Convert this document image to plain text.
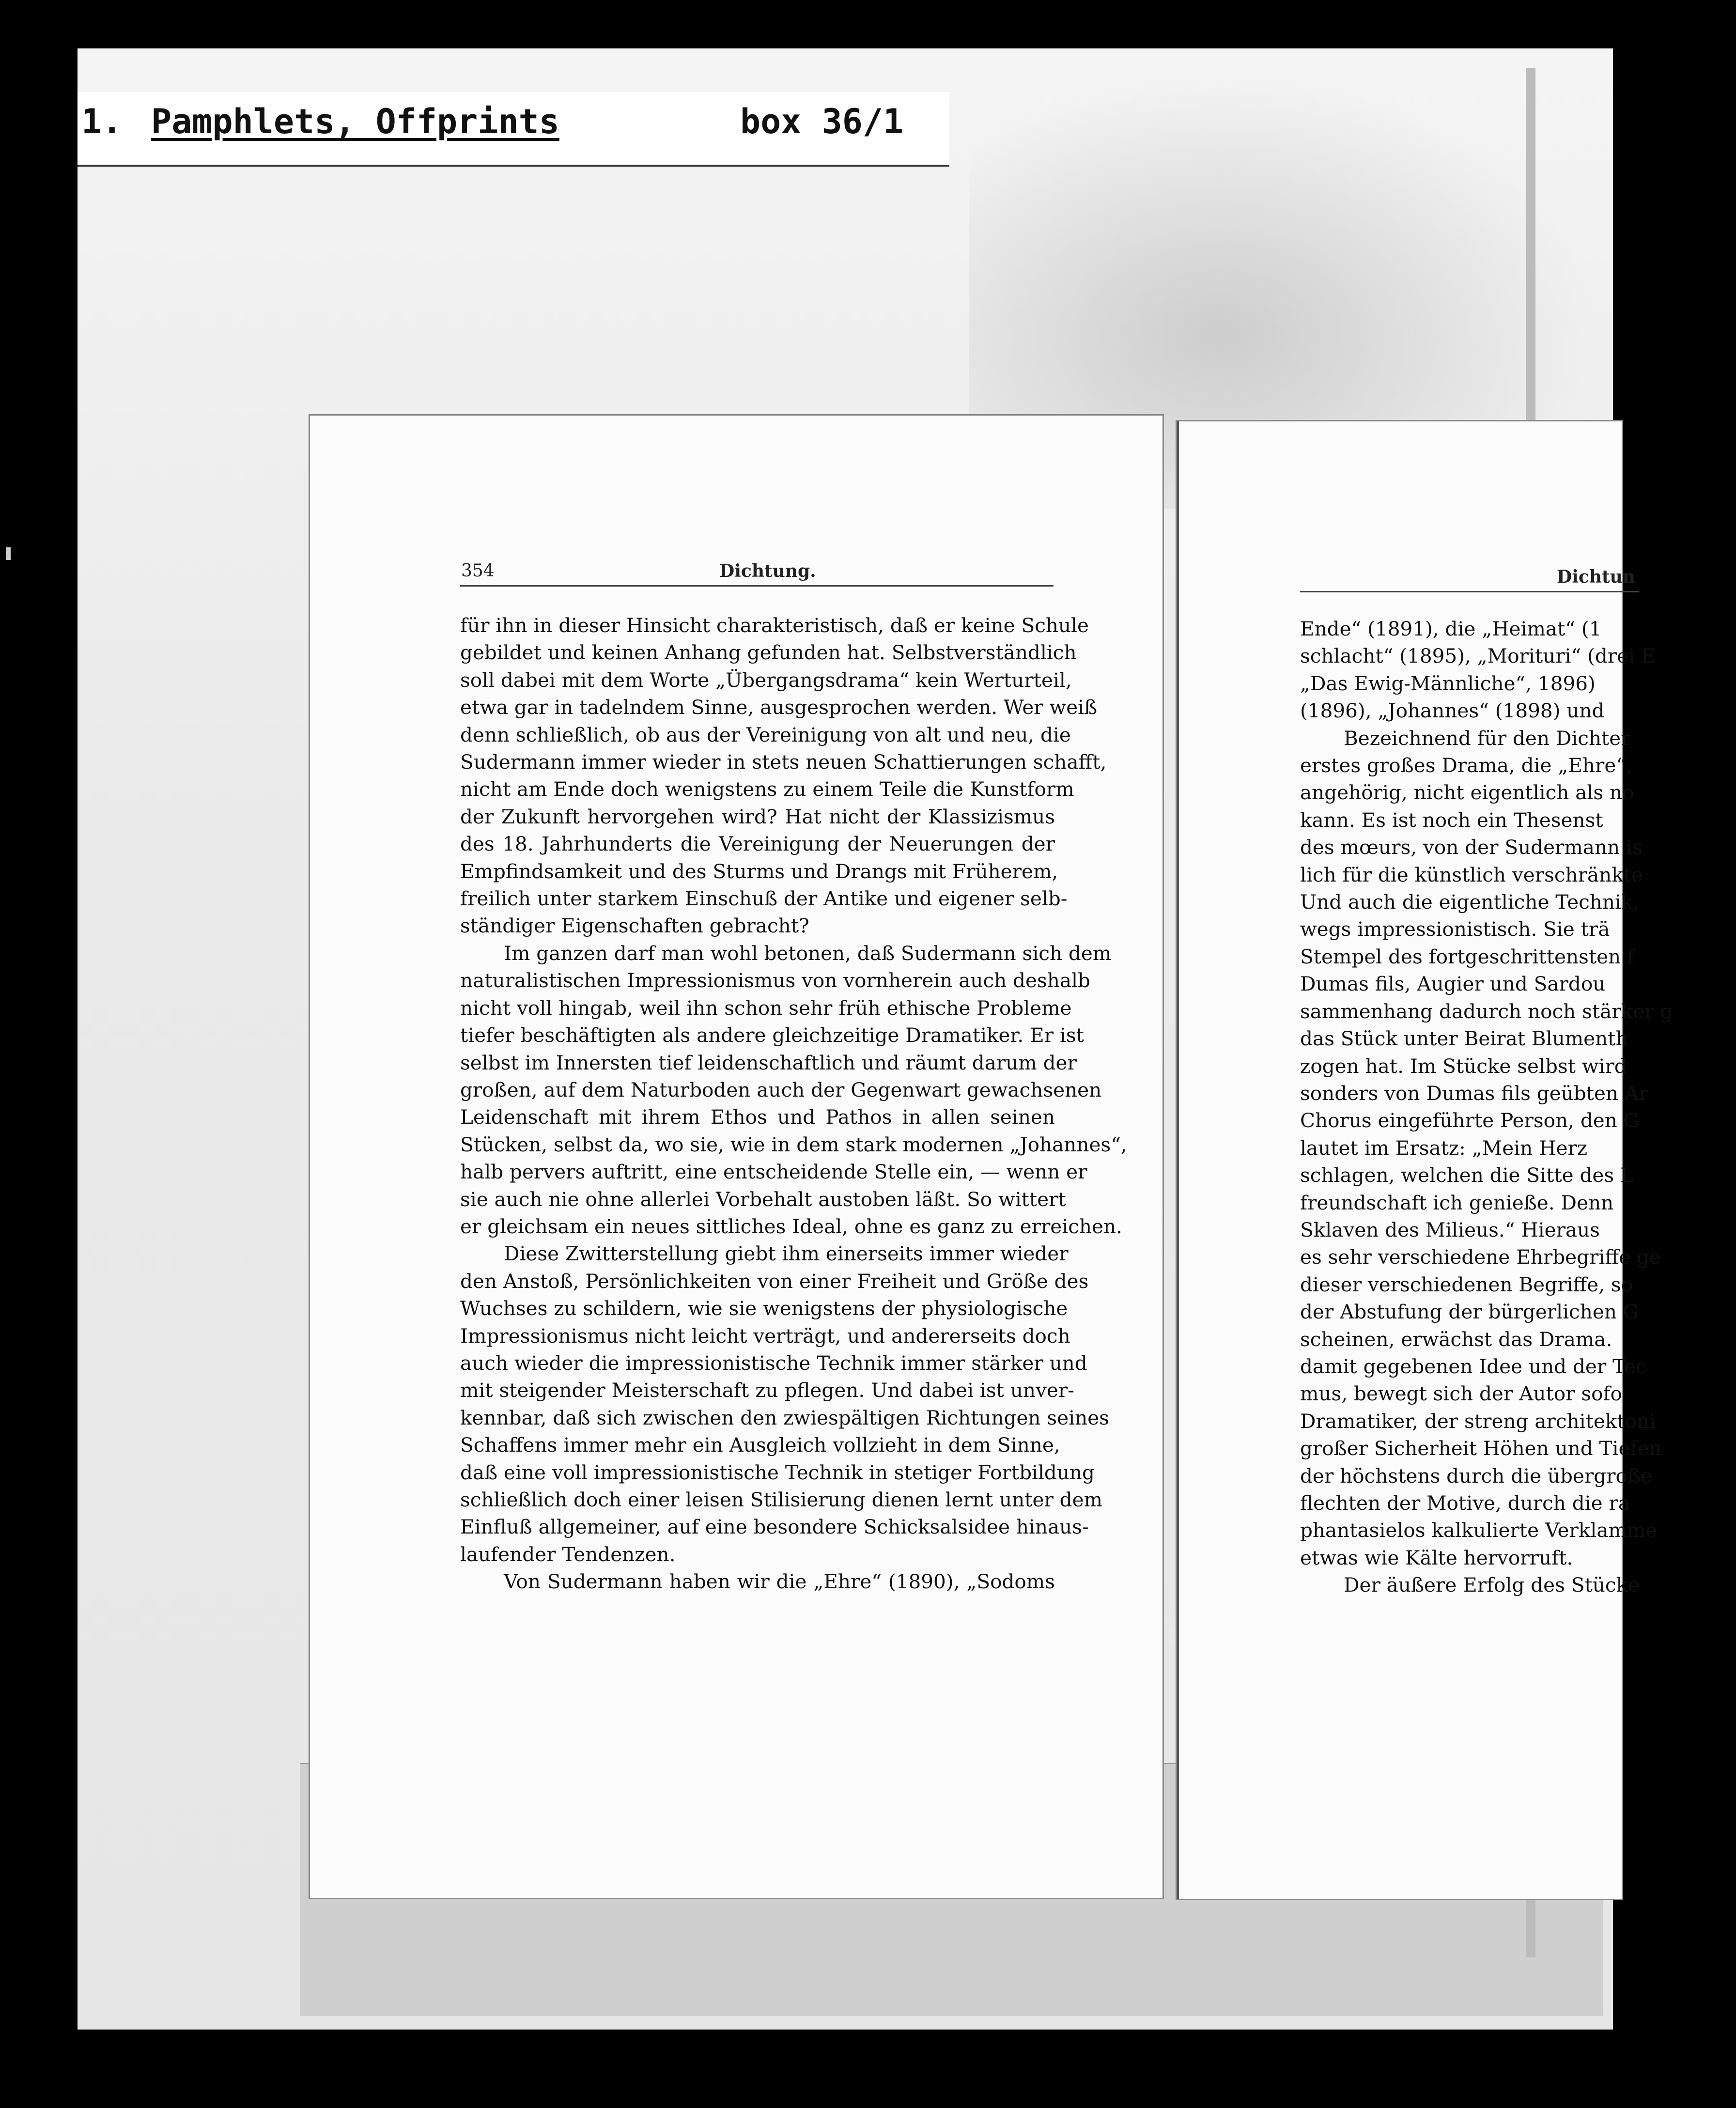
1. Pamphlets, Offprints	box 36/1
354	Dichtung.
für ihn in dieser Hinsicht charakteristisch, daß er keine Schule
gebildet und keinen Anhang gefunden hat. Selbstverständlich
soll dabei mit dem Worte „Übergangsdrama“ kein Werturteil,
etwa gar in tadelndem Sinne, ausgesprochen werden. Wer weiß
denn schließlich, ob aus der Vereinigung von alt und neu, die
Sudermann immer wieder in stets neuen Schattierungen schafft,
nicht am Ende doch wenigstens zu einem Teile die Kunstform
der Zukunft hervorgehen wird? Hat nicht der Klassizismus
des 18. Jahrhunderts die Vereinigung der Neuerungen der
Empfindsamkeit und des Sturms und Drangs mit Früherem,
freilich unter starkem Einschuß der Antike und eigener selb-
ständiger Eigenschaften gebracht?
Im ganzen darf man wohl betonen, daß Sudermann sich dem
naturalistischen Impressionismus von vornherein auch deshalb
nicht voll hingab, weil ihn schon sehr früh ethische Probleme
tiefer beschäftigten als andere gleichzeitige Dramatiker. Er ist
selbst im Innersten tief leidenschaftlich und räumt darum der
großen, auf dem Naturboden auch der Gegenwart gewachsenen
Leidenschaft mit ihrem Ethos und Pathos in allen seinen
Stücken, selbst da, wo sie, wie in dem stark modernen „Johannes“,
halb pervers auftritt, eine entscheidende Stelle ein, — wenn er
sie auch nie ohne allerlei Vorbehalt austoben läßt. So wittert
er gleichsam ein neues sittliches Ideal, ohne es ganz zu erreichen.
Diese Zwitterstellung giebt ihm einerseits immer wieder
den Anstoß, Persönlichkeiten von einer Freiheit und Größe des
Wuchses zu schildern, wie sie wenigstens der physiologische
Impressionismus nicht leicht verträgt, und andererseits doch
auch wieder die impressionistische Technik immer stärker und
mit steigender Meisterschaft zu pflegen. Und dabei ist unver-
kennbar, daß sich zwischen den zwiespältigen Richtungen seines
Schaffens immer mehr ein Ausgleich vollzieht in dem Sinne,
daß eine voll impressionistische Technik in stetiger Fortbildung
schließlich doch einer leisen Stilisierung dienen lernt unter dem
Einfluß allgemeiner, auf eine besondere Schicksalsidee hinaus-
laufender Tendenzen.
Von Sudermann haben wir die „Ehre“ (1890), „Sodoms
Dichtun
Ende“ (1891), die „Heimat“ (1
schlacht“ (1895), „Morituri“ (drei E
„Das Ewig-Männliche“, 1896)
(1896), „Johannes“ (1898) und
Bezeichnend für den Dichter
erstes großes Drama, die „Ehre“,
angehörig, nicht eigentlich als no
kann. Es ist noch ein Thesenst
des mœurs, von der Sudermann is
lich für die künstlich verschränkte
Und auch die eigentliche Technik,
wegs impressionistisch. Sie trä
Stempel des fortgeschrittensten f
Dumas fils, Augier und Sardou
sammenhang dadurch noch stärker g
das Stück unter Beirat Blumenth
zogen hat. Im Stücke selbst wird
sonders von Dumas fils geübten Ar
Chorus eingeführte Person, den G
lautet im Ersatz: „Mein Herz
schlagen, welchen die Sitte des L
freundschaft ich genieße. Denn
Sklaven des Milieus.“ Hieraus
es sehr verschiedene Ehrbegriffe ge
dieser verschiedenen Begriffe, so
der Abstufung der bürgerlichen G
scheinen, erwächst das Drama.
damit gegebenen Idee und der Tec
mus, bewegt sich der Autor sofo
Dramatiker, der streng architektoni
großer Sicherheit Höhen und Tiefen
der höchstens durch die übergroße
flechten der Motive, durch die ra
phantasielos kalkulierte Verklamme
etwas wie Kälte hervorruft.
Der äußere Erfolg des Stücke
